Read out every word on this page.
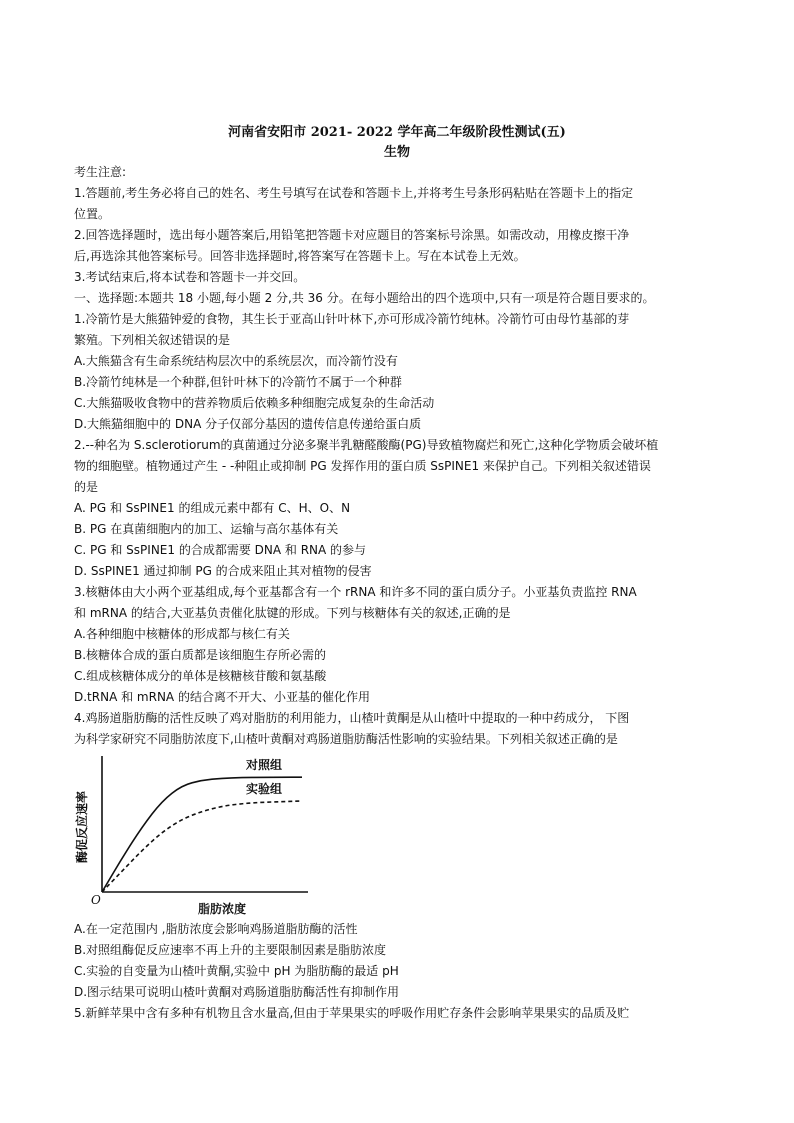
河南省安阳市 2021- 2022 学年高二年级阶段性测试(五)
生物
考生注意:
1.答题前,考生务必将自己的姓名、考生号填写在试卷和答题卡上,并将考生号条形码粘贴在答题卡上的指定
位置。
2.回答选择题时，选出每小题答案后,用铅笔把答题卡对应题目的答案标号涂黑。如需改动，用橡皮擦干净
后,再选涂其他答案标号。回答非选择题时,将答案写在答题卡上。写在本试卷上无效。
3.考试结束后,将本试卷和答题卡一并交回。
一、选择题:本题共 18 小题,每小题 2 分,共 36 分。在每小题给出的四个选项中,只有一项是符合题目要求的。
1.冷箭竹是大熊猫钟爱的食物，其生长于亚高山针叶林下,亦可形成冷箭竹纯林。冷箭竹可由母竹基部的芽
繁殖。下列相关叙述错误的是
A.大熊猫含有生命系统结构层次中的系统层次，而冷箭竹没有
B.冷箭竹纯林是一个种群,但针叶林下的冷箭竹不属于一个种群
C.大熊猫吸收食物中的营养物质后依赖多种细胞完成复杂的生命活动
D.大熊猫细胞中的 DNA 分子仅部分基因的遗传信息传递给蛋白质
2.--种名为 S.sclerotiorum的真菌通过分泌多聚半乳糖醛酸酶(PG)导致植物腐烂和死亡,这种化学物质会破坏植
物的细胞壁。植物通过产生 - -种阻止或抑制 PG 发挥作用的蛋白质 SsPINE1 来保护自己。下列相关叙述错误
的是
A. PG 和 SsPINE1 的组成元素中都有 C、H、O、N
B. PG 在真菌细胞内的加工、运输与高尔基体有关
C. PG 和 SsPINE1 的合成都需要 DNA 和 RNA 的参与
D. SsPINE1 通过抑制 PG 的合成来阻止其对植物的侵害
3.核糖体由大小两个亚基组成,每个亚基都含有一个 rRNA 和许多不同的蛋白质分子。小亚基负责监控 RNA
和 mRNA 的结合,大亚基负责催化肽键的形成。下列与核糖体有关的叙述,正确的是
A.各种细胞中核糖体的形成都与核仁有关
B.核糖体合成的蛋白质都是该细胞生存所必需的
C.组成核糖体成分的单体是核糖核苷酸和氨基酸
D.tRNA 和 mRNA 的结合离不开大、小亚基的催化作用
4.鸡肠道脂肪酶的活性反映了鸡对脂肪的利用能力，山楂叶黄酮是从山楂叶中提取的一种中药成分， 下图
为科学家研究不同脂肪浓度下,山楂叶黄酮对鸡肠道脂肪酶活性影响的实验结果。下列相关叙述正确的是
O
脂肪浓度
酶促反应速率
对照组
实验组
A.在一定范围内 ,脂肪浓度会影响鸡肠道脂肪酶的活性
B.对照组酶促反应速率不再上升的主要限制因素是脂肪浓度
C.实验的自变量为山楂叶黄酮,实验中 pH 为脂肪酶的最适 pH
D.图示结果可说明山楂叶黄酮对鸡肠道脂肪酶活性有抑制作用
5.新鲜苹果中含有多种有机物且含水量高,但由于苹果果实的呼吸作用贮存条件会影响苹果果实的品质及贮
